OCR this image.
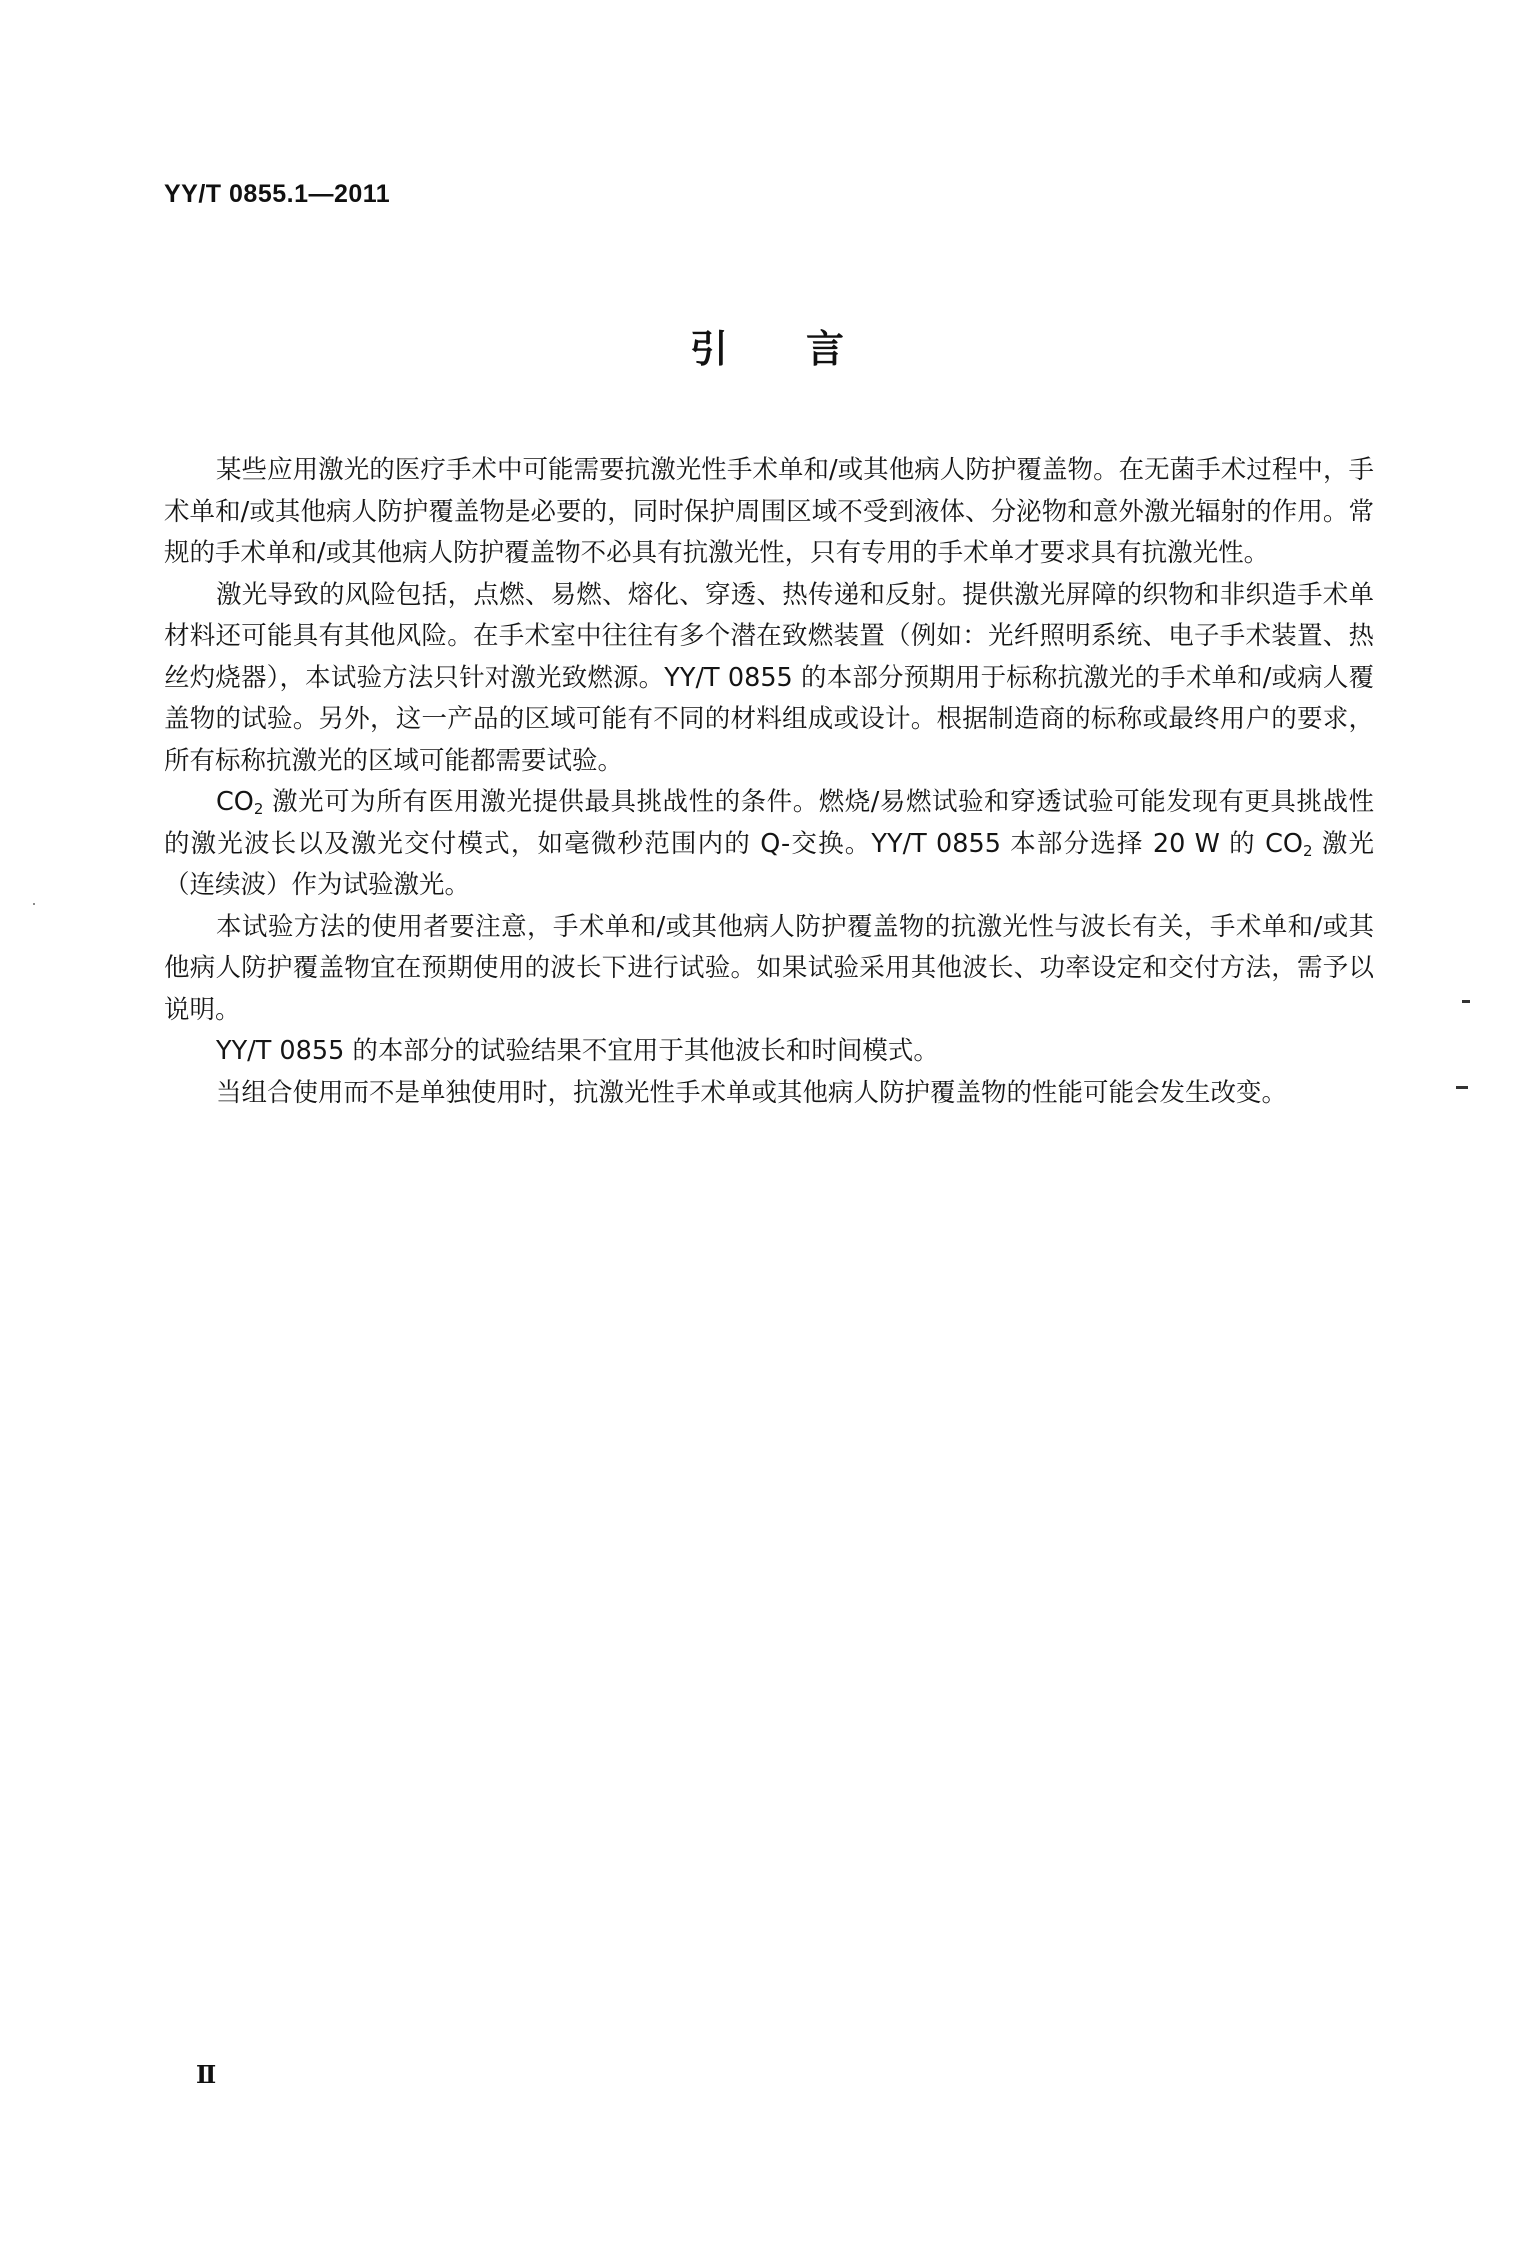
YY/T 0855.1—2011
引言

某些应用激光的医疗手术中可能需要抗激光性手术单和/或其他病人防护覆盖物。在无菌手术过程中，手术单和/或其他病人防护覆盖物是必要的，同时保护周围区域不受到液体、分泌物和意外激光辐射的作用。常规的手术单和/或其他病人防护覆盖物不必具有抗激光性，只有专用的手术单才要求具有抗激光性。

激光导致的风险包括，点燃、易燃、熔化、穿透、热传递和反射。提供激光屏障的织物和非织造手术单材料还可能具有其他风险。在手术室中往往有多个潜在致燃装置（例如：光纤照明系统、电子手术装置、热丝灼烧器），本试验方法只针对激光致燃源。YY/T 0855 的本部分预期用于标称抗激光的手术单和/或病人覆盖物的试验。另外，这一产品的区域可能有不同的材料组成或设计。根据制造商的标称或最终用户的要求，所有标称抗激光的区域可能都需要试验。

$CO_2$ 激光可为所有医用激光提供最具挑战性的条件。燃烧/易燃试验和穿透试验可能发现有更具挑战性的激光波长以及激光交付模式，如毫微秒范围内的 Q-交换。YY/T 0855 本部分选择 20 W 的 $CO_2$ 激光（连续波）作为试验激光。

本试验方法的使用者要注意，手术单和/或其他病人防护覆盖物的抗激光性与波长有关，手术单和/或其他病人防护覆盖物宜在预期使用的波长下进行试验。如果试验采用其他波长、功率设定和交付方法，需予以说明。

YY/T 0855 的本部分的试验结果不宜用于其他波长和时间模式。

当组合使用而不是单独使用时，抗激光性手术单或其他病人防护覆盖物的性能可能会发生改变。

Ⅱ
